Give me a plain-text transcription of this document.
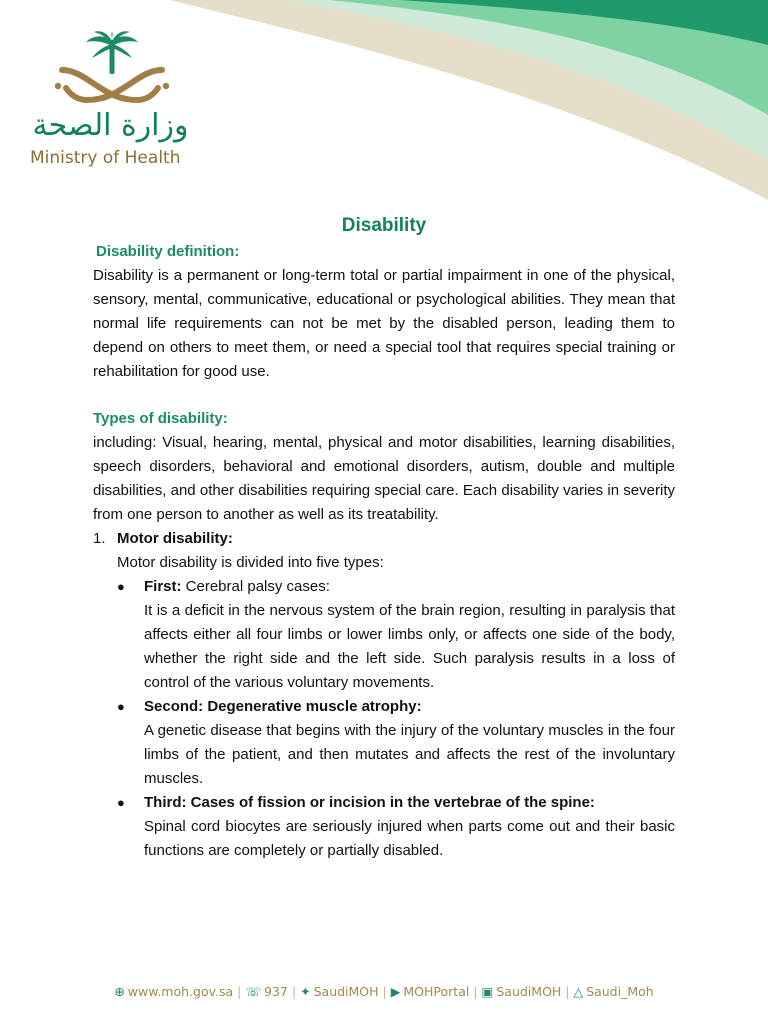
وزارة الصحة
Ministry of Health
Disability

Disability definition:

Disability is a permanent or long-term total or partial impairment in one of the physical, sensory, mental, communicative, educational or psychological abilities. They mean that normal life requirements can not be met by the disabled person, leading them to depend on others to meet them, or need a special tool that requires special training or rehabilitation for good use.

Types of disability:

including: Visual, hearing, mental, physical and motor disabilities, learning disabilities, speech disorders, behavioral and emotional disorders, autism, double and multiple disabilities, and other disabilities requiring special care. Each disability varies in severity from one person to another as well as its treatability.

1. Motor disability:

Motor disability is divided into five types:

●	First: Cerebral palsy cases:

It is a deficit in the nervous system of the brain region, resulting in paralysis that affects either all four limbs or lower limbs only, or affects one side of the body, whether the right side and the left side. Such paralysis results in a loss of control of the various voluntary movements.

●	Second: Degenerative muscle atrophy:

A genetic disease that begins with the injury of the voluntary muscles in the four limbs of the patient, and then mutates and affects the rest of the involuntary muscles.

●	Third: Cases of fission or incision in the vertebrae of the spine:

Spinal cord biocytes are seriously injured when parts come out and their basic functions are completely or partially disabled.

⊕ www.moh.gov.sa | ☏ 937 | ✦ SaudiMOH | ▶ MOHPortal | ▣ SaudiMOH | △ Saudi_Moh
